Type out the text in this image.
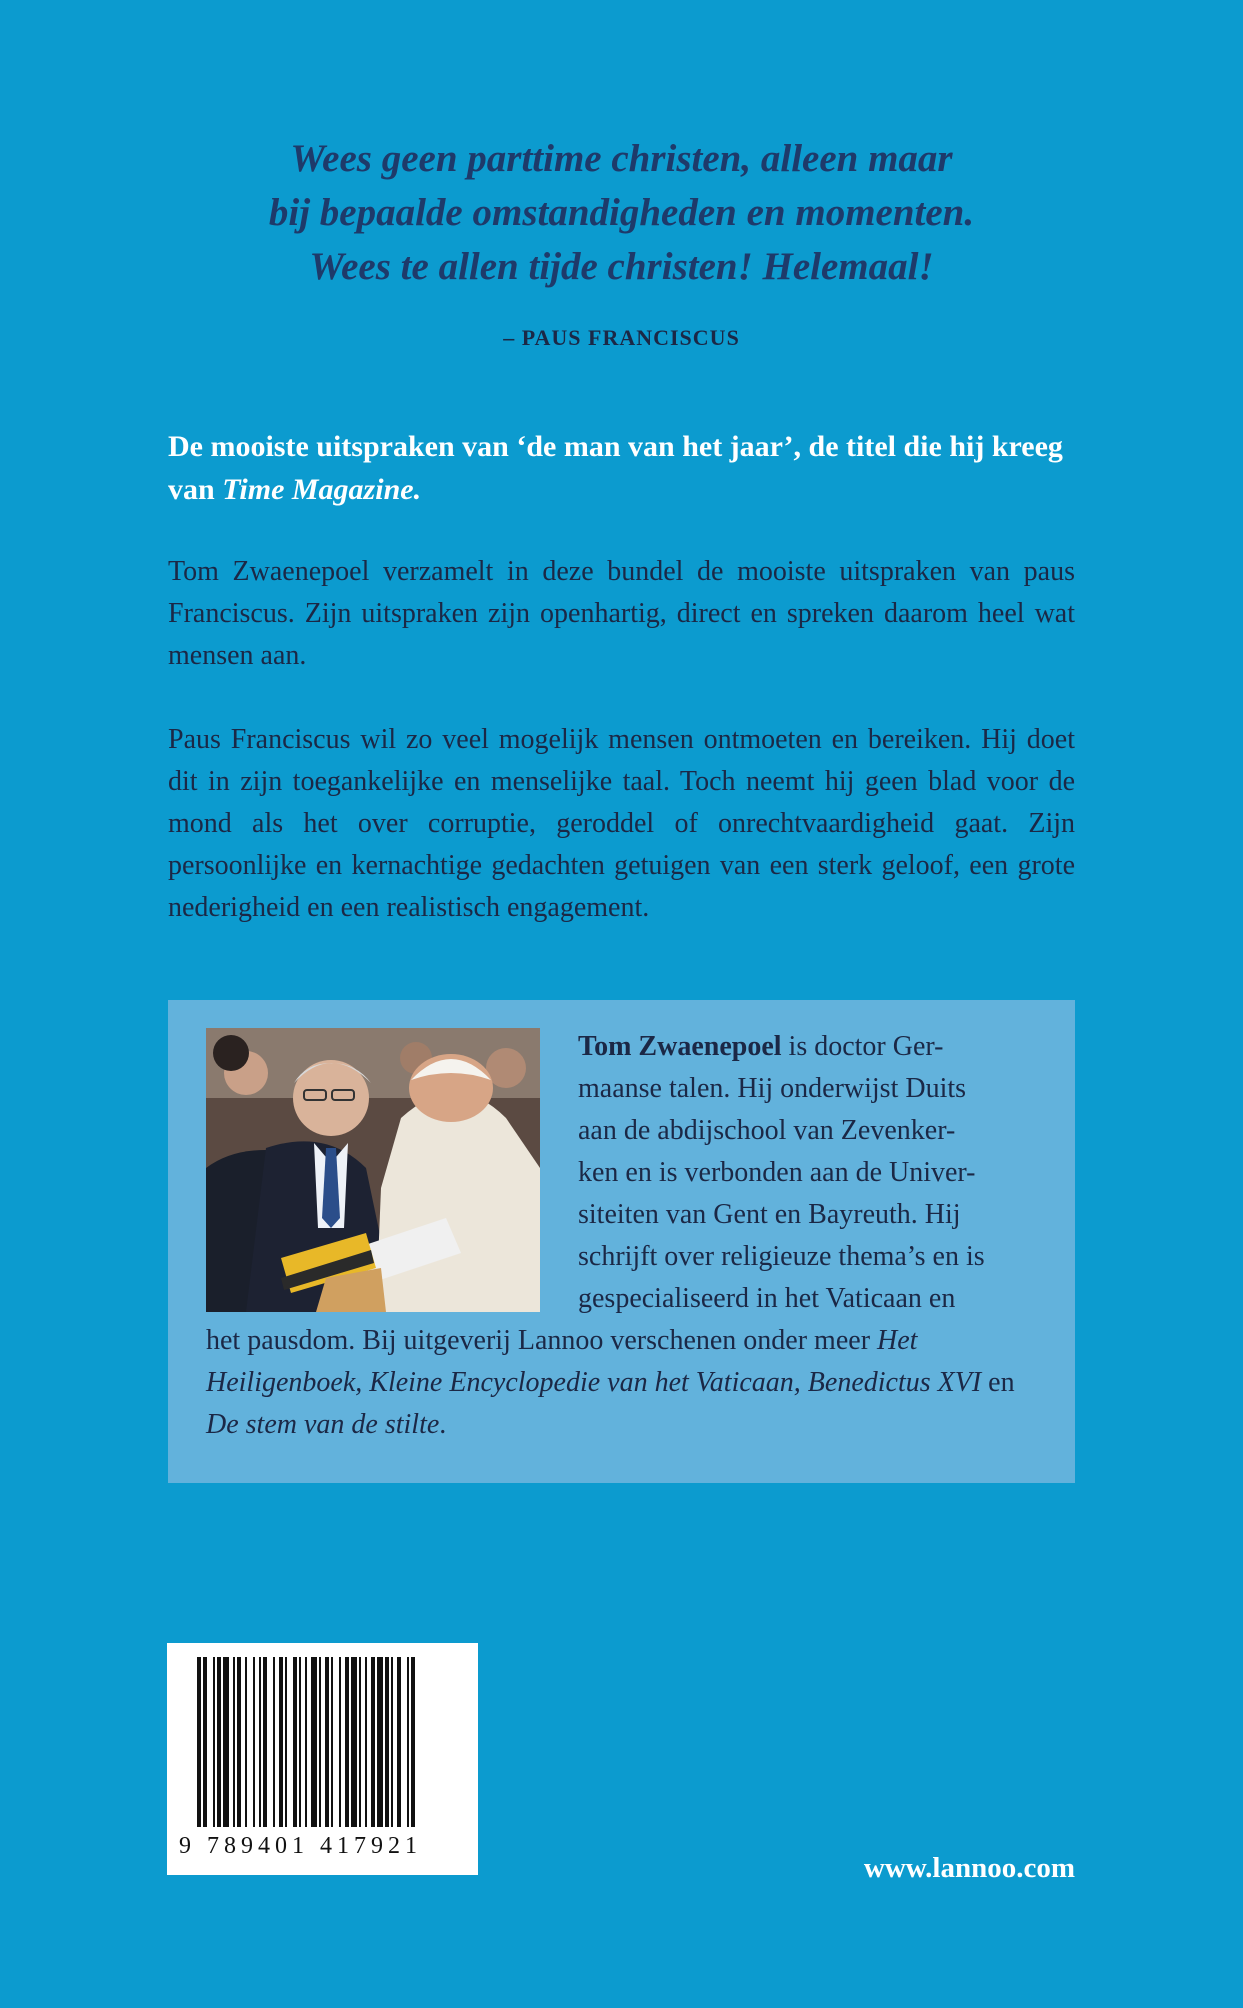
Wees geen parttime christen, alleen maar
bij bepaalde omstandigheden en momenten.
Wees te allen tijde christen! Helemaal!
– PAUS FRANCISCUS
De mooiste uitspraken van ‘de man van het jaar’, de titel die hij kreeg van Time Magazine.
Tom Zwaenepoel verzamelt in deze bundel de mooiste uitspraken van paus Franciscus. Zijn uitspraken zijn openhartig, direct en spreken daarom heel wat mensen aan.
Paus Franciscus wil zo veel mogelijk mensen ontmoeten en bereiken. Hij doet dit in zijn toegankelijke en menselijke taal. Toch neemt hij geen blad voor de mond als het over corruptie, geroddel of onrechtvaardigheid gaat. Zijn persoonlijke en kernachtige gedachten getuigen van een sterk geloof, een grote nederigheid en een realistisch engagement.
Tom Zwaenepoel is doctor Ger-
maanse talen. Hij onderwijst Duits
aan de abdijschool van Zevenker-
ken en is verbonden aan de Univer-
siteiten van Gent en Bayreuth. Hij
schrijft over religieuze thema’s en is
gespecialiseerd in het Vaticaan en
het pausdom. Bij uitgeverij Lannoo verschenen onder meer Het Heiligenboek, Kleine Encyclopedie van het Vaticaan, Benedictus XVI en De stem van de stilte.
9 789401 417921
www.lannoo.com
